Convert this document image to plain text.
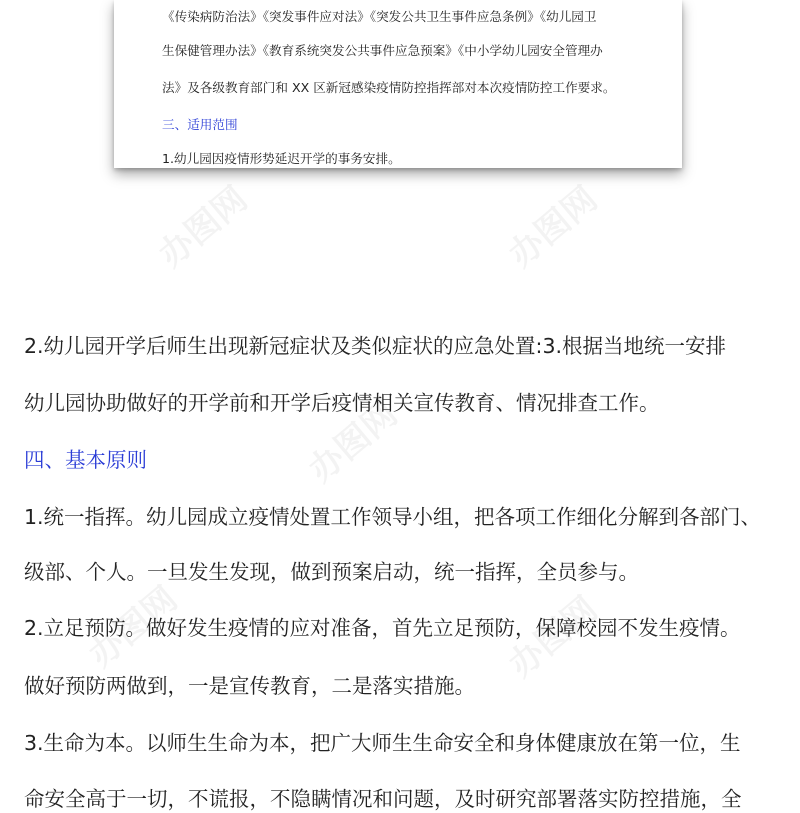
《传染病防治法》《突发事件应对法》《突发公共卫生事件应急条例》《幼儿园卫
生保健管理办法》《教育系统突发公共事件应急预案》《中小学幼儿园安全管理办
法》及各级教育部门和 XX 区新冠感染疫情防控指挥部对本次疫情防控工作要求。
三、适用范围
1.幼儿园因疫情形势延迟开学的事务安排。
办图网	办图网
办图网
办图网	办图网
2.幼儿园开学后师生出现新冠症状及类似症状的应急处置:3.根据当地统一安排
幼儿园协助做好的开学前和开学后疫情相关宣传教育、情况排查工作。
四、基本原则
1.统一指挥。幼儿园成立疫情处置工作领导小组，把各项工作细化分解到各部门、
级部、个人。一旦发生发现，做到预案启动，统一指挥，全员参与。
2.立足预防。做好发生疫情的应对准备，首先立足预防，保障校园不发生疫情。
做好预防两做到，一是宣传教育，二是落实措施。
3.生命为本。以师生生命为本，把广大师生生命安全和身体健康放在第一位，生
命安全高于一切，不谎报，不隐瞒情况和问题，及时研究部署落实防控措施，全
